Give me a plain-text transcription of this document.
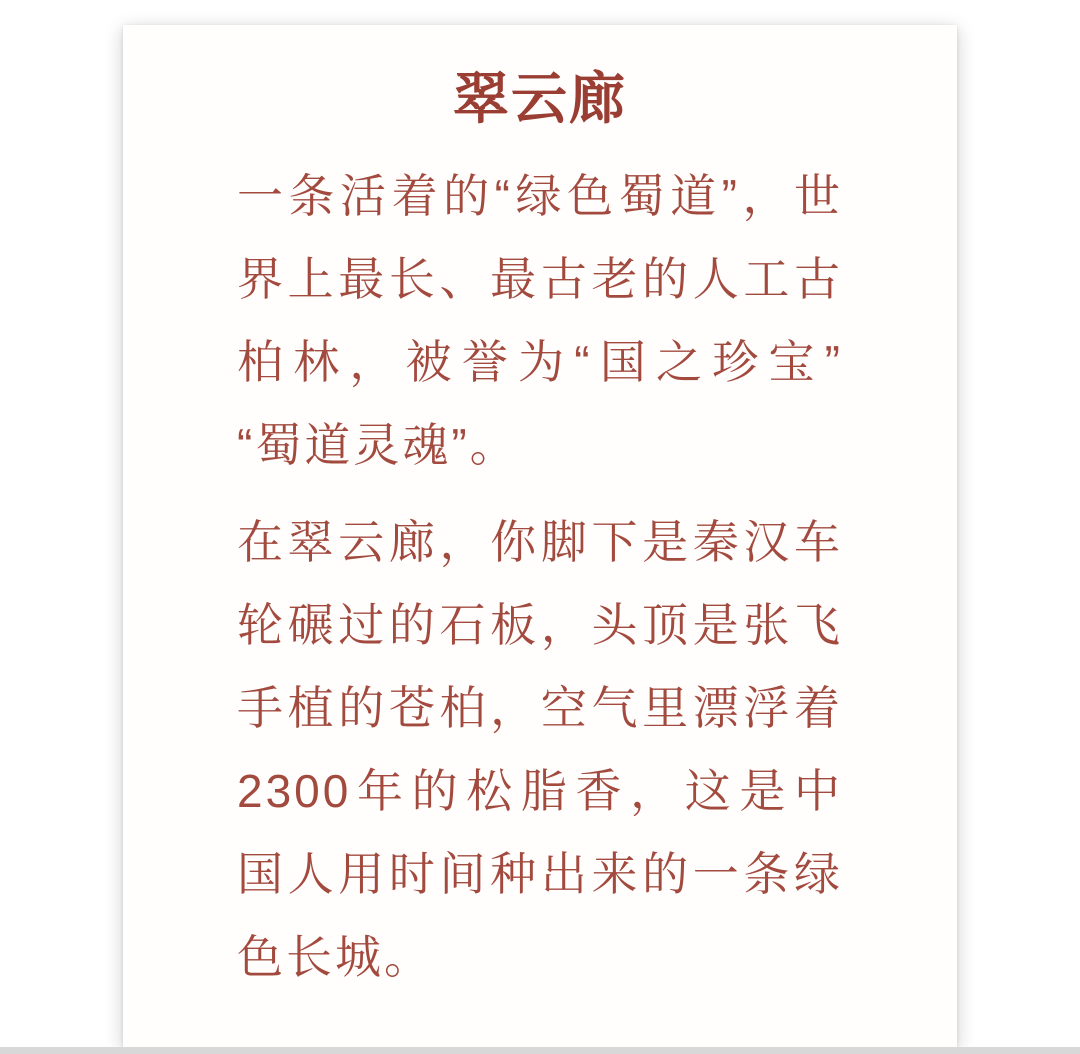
翠云廊
一条活着的“绿色蜀道”，世
界上最长、最古老的人工古
柏林，被誉为“国之珍宝”
“蜀道灵魂”。
在翠云廊，你脚下是秦汉车
轮碾过的石板，头顶是张飞
手植的苍柏，空气里漂浮着
2300年的松脂香，这是中
国人用时间种出来的一条绿
色长城。
